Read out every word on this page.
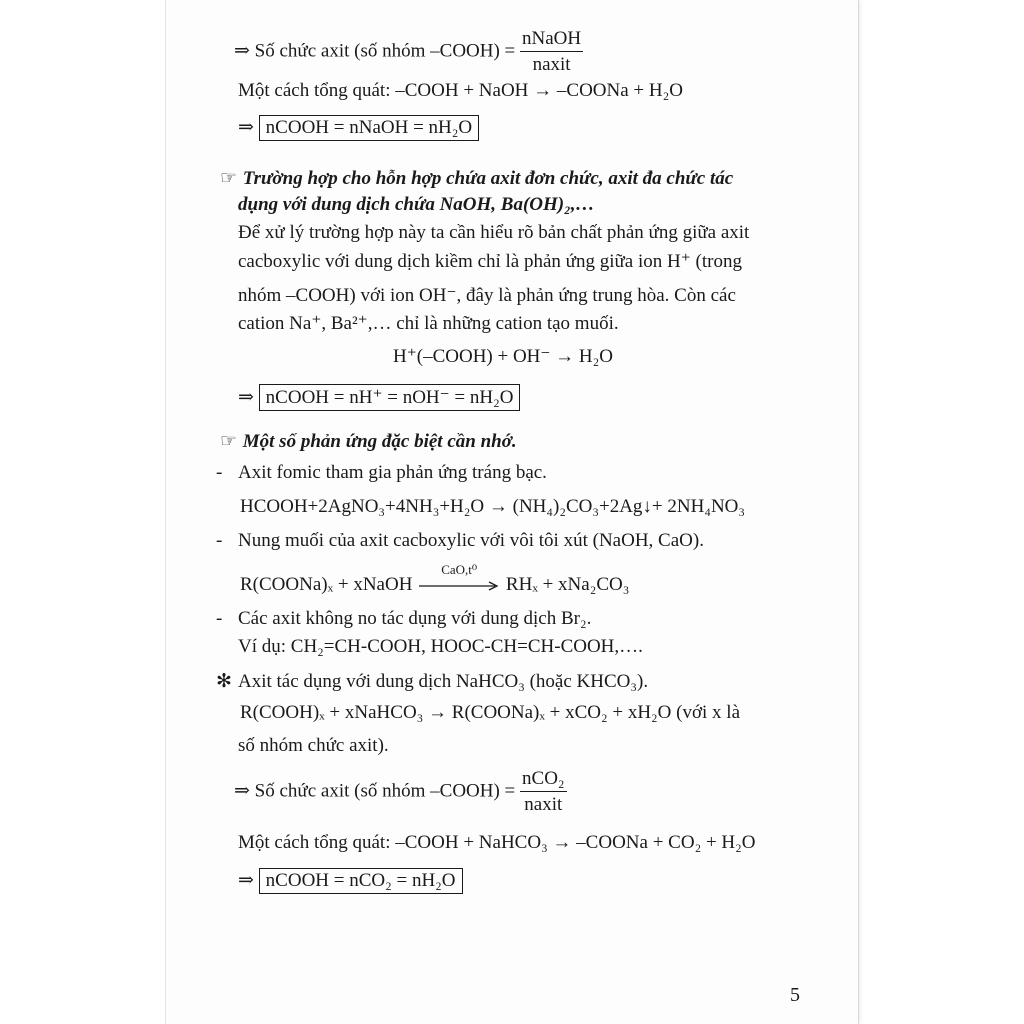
⇒ Số chức axit (số nhóm –COOH) = $\frac{\text{nNaOH}}{\text{naxit}}$
Một cách tổng quát: –COOH + NaOH → –COONa + H₂O
⇒ nCOOH = nNaOH = nH₂O
☞ Trường hợp cho hỗn hợp chứa axit đơn chức, axit đa chức tác
dụng với dung dịch chứa NaOH, Ba(OH)₂,…
Để xử lý trường hợp này ta cần hiểu rõ bản chất phản ứng giữa axit
cacboxylic với dung dịch kiềm chỉ là phản ứng giữa ion H⁺ (trong
nhóm –COOH) với ion OH⁻, đây là phản ứng trung hòa. Còn các
cation Na⁺, Ba²⁺,… chỉ là những cation tạo muối.
H⁺(–COOH) + OH⁻ → H₂O
⇒ nCOOH = nH⁺ = nOH⁻ = nH₂O
☞ Một số phản ứng đặc biệt cần nhớ.
- Axit fomic tham gia phản ứng tráng bạc.
HCOOH+2AgNO₃+4NH₃+H₂O → (NH₄)₂CO₃+2Ag↓+ 2NH₄NO₃
- Nung muối của axit cacboxylic với vôi tôi xút (NaOH, CaO).
R(COONa)ₓ + xNaOH
CaO,t⁰
RHₓ + xNa₂CO₃
- Các axit không no tác dụng với dung dịch Br₂.
Ví dụ: CH₂=CH-COOH, HOOC-CH=CH-COOH,….
✻ Axit tác dụng với dung dịch NaHCO₃ (hoặc KHCO₃).
R(COOH)ₓ + xNaHCO₃ → R(COONa)ₓ + xCO₂ + xH₂O (với x là
số nhóm chức axit).
⇒ Số chức axit (số nhóm –COOH) = $\frac{\text{nCO₂}}{\text{naxit}}$
Một cách tổng quát: –COOH + NaHCO₃ → –COONa + CO₂ + H₂O
⇒ nCOOH = nCO₂ = nH₂O
5
